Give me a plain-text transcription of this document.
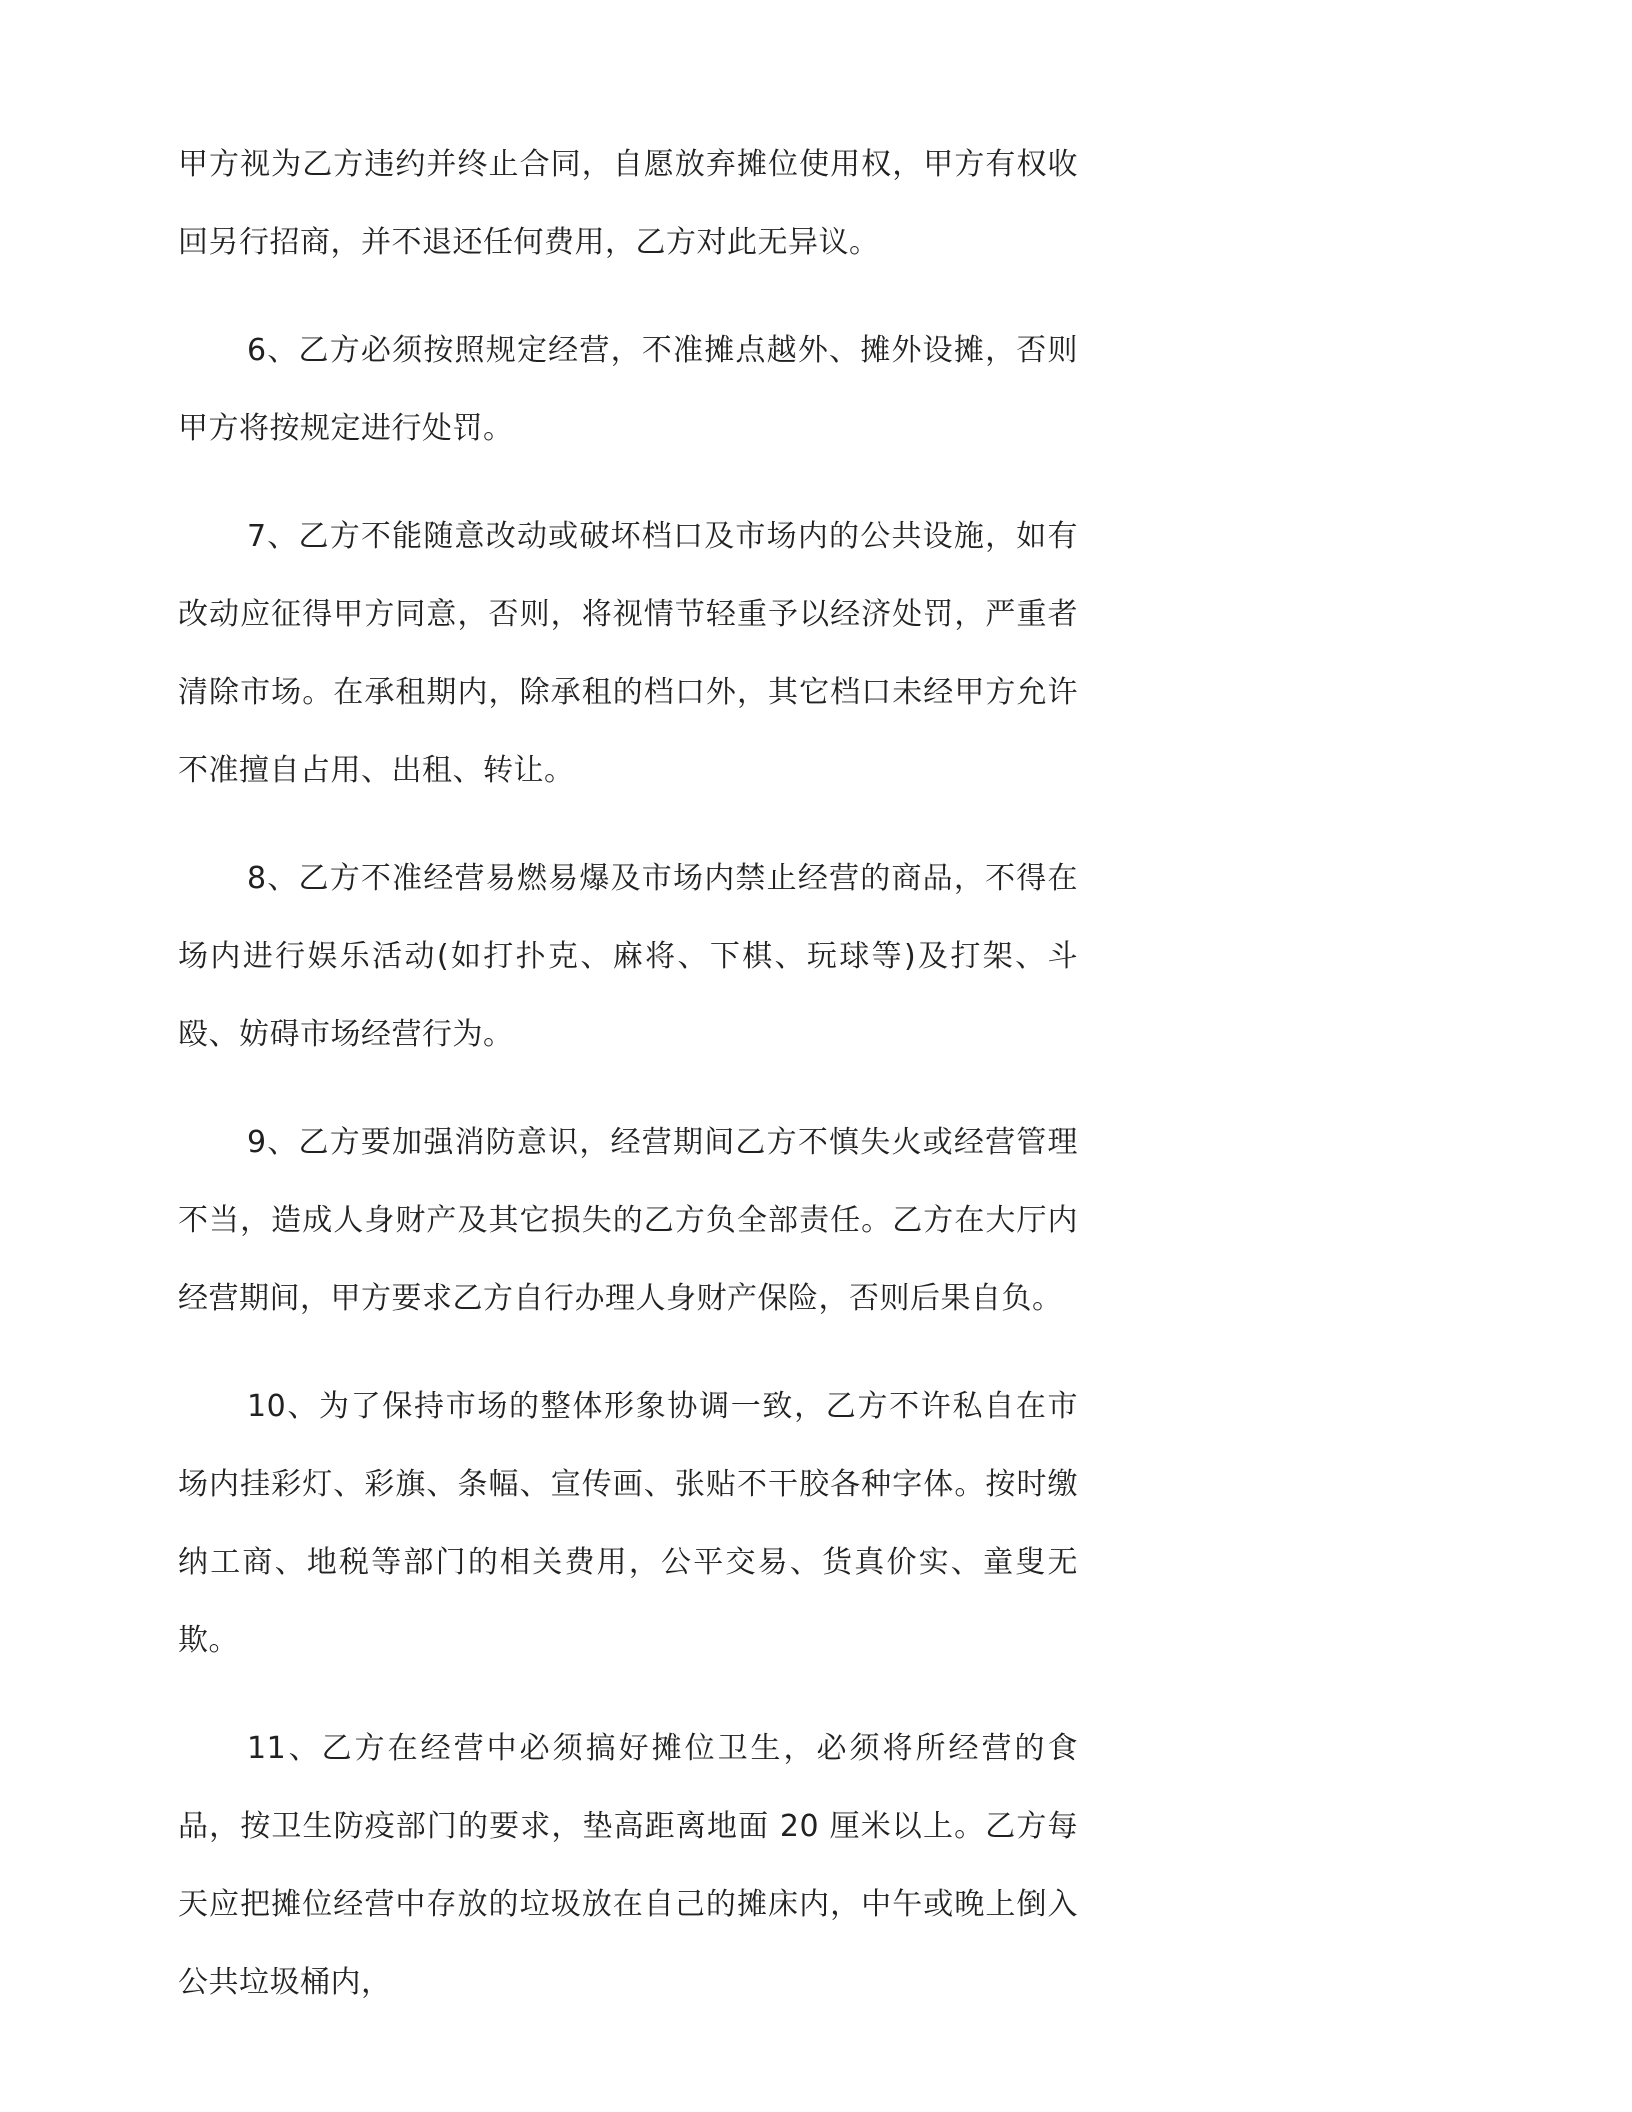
甲方视为乙方违约并终止合同，自愿放弃摊位使用权，甲方有权收回另行招商，并不退还任何费用，乙方对此无异议。

6、乙方必须按照规定经营，不准摊点越外、摊外设摊，否则甲方将按规定进行处罚。

7、乙方不能随意改动或破坏档口及市场内的公共设施，如有改动应征得甲方同意，否则，将视情节轻重予以经济处罚，严重者清除市场。在承租期内，除承租的档口外，其它档口未经甲方允许不准擅自占用、出租、转让。

8、乙方不准经营易燃易爆及市场内禁止经营的商品，不得在场内进行娱乐活动(如打扑克、麻将、下棋、玩球等)及打架、斗殴、妨碍市场经营行为。

9、乙方要加强消防意识，经营期间乙方不慎失火或经营管理不当，造成人身财产及其它损失的乙方负全部责任。乙方在大厅内经营期间，甲方要求乙方自行办理人身财产保险，否则后果自负。

10、为了保持市场的整体形象协调一致，乙方不许私自在市场内挂彩灯、彩旗、条幅、宣传画、张贴不干胶各种字体。按时缴纳工商、地税等部门的相关费用，公平交易、货真价实、童叟无欺。

11、乙方在经营中必须搞好摊位卫生，必须将所经营的食品，按卫生防疫部门的要求，垫高距离地面 20 厘米以上。乙方每天应把摊位经营中存放的垃圾放在自己的摊床内，中午或晚上倒入公共垃圾桶内，
